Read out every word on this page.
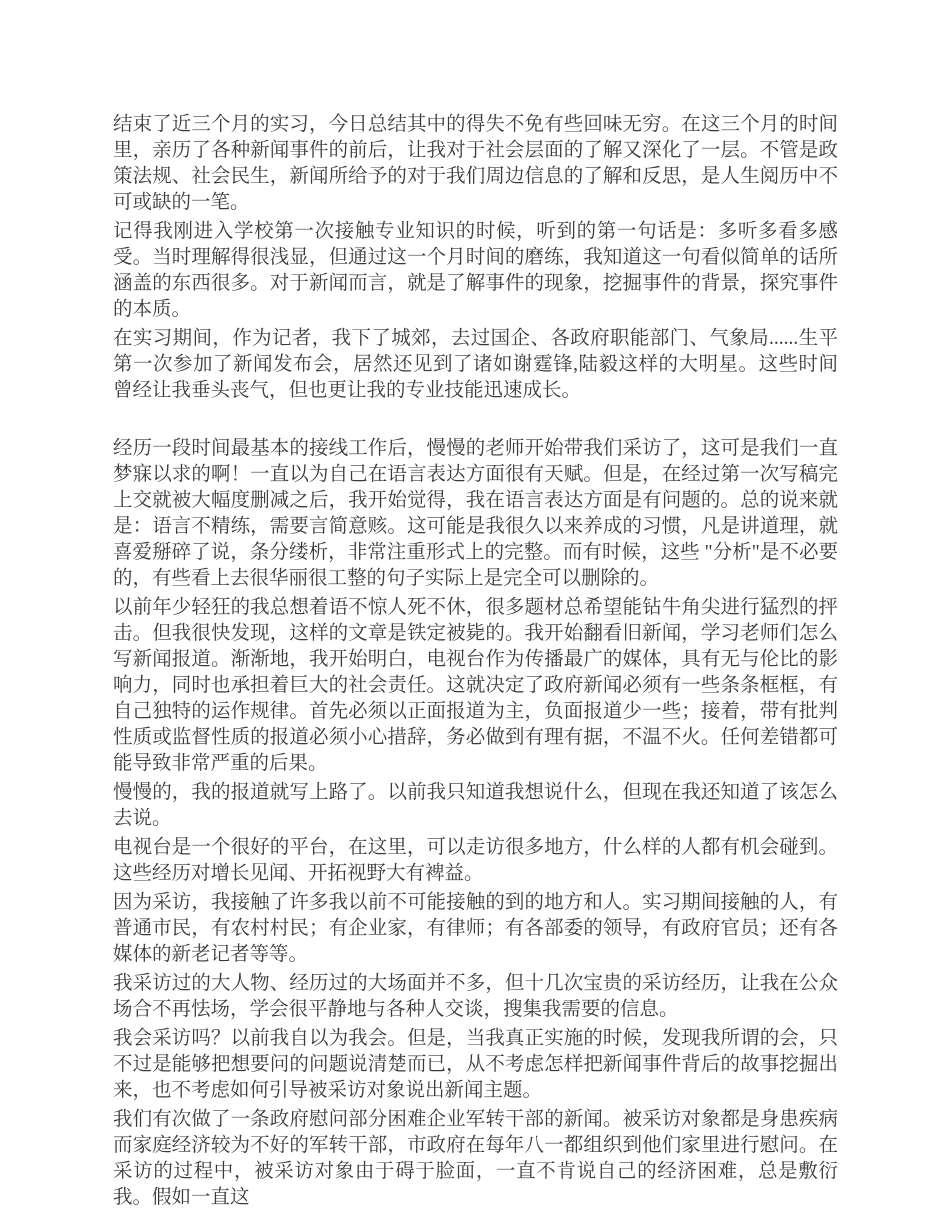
结束了近三个月的实习，今日总结其中的得失不免有些回味无穷。在这三个月的时间里，亲历了各种新闻事件的前后，让我对于社会层面的了解又深化了一层。不管是政策法规、社会民生，新闻所给予的对于我们周边信息的了解和反思，是人生阅历中不可或缺的一笔。

记得我刚进入学校第一次接触专业知识的时候，听到的第一句话是：多听多看多感受。当时理解得很浅显，但通过这一个月时间的磨练，我知道这一句看似简单的话所涵盖的东西很多。对于新闻而言，就是了解事件的现象，挖掘事件的背景，探究事件的本质。

在实习期间，作为记者，我下了城郊，去过国企、各政府职能部门、气象局......生平第一次参加了新闻发布会，居然还见到了诸如谢霆锋,陆毅这样的大明星。这些时间曾经让我垂头丧气，但也更让我的专业技能迅速成长。

经历一段时间最基本的接线工作后，慢慢的老师开始带我们采访了，这可是我们一直梦寐以求的啊！一直以为自己在语言表达方面很有天赋。但是，在经过第一次写稿完上交就被大幅度删减之后，我开始觉得，我在语言表达方面是有问题的。总的说来就是：语言不精练，需要言简意赅。这可能是我很久以来养成的习惯，凡是讲道理，就喜爱掰碎了说，条分缕析，非常注重形式上的完整。而有时候，这些 "分析"是不必要的，有些看上去很华丽很工整的句子实际上是完全可以删除的。

以前年少轻狂的我总想着语不惊人死不休，很多题材总希望能钻牛角尖进行猛烈的抨击。但我很快发现，这样的文章是铁定被毙的。我开始翻看旧新闻，学习老师们怎么写新闻报道。渐渐地，我开始明白，电视台作为传播最广的媒体，具有无与伦比的影响力，同时也承担着巨大的社会责任。这就决定了政府新闻必须有一些条条框框，有自己独特的运作规律。首先必须以正面报道为主，负面报道少一些；接着，带有批判性质或监督性质的报道必须小心措辞，务必做到有理有据，不温不火。任何差错都可能导致非常严重的后果。

慢慢的，我的报道就写上路了。以前我只知道我想说什么，但现在我还知道了该怎么去说。

电视台是一个很好的平台，在这里，可以走访很多地方，什么样的人都有机会碰到。这些经历对增长见闻、开拓视野大有裨益。

因为采访，我接触了许多我以前不可能接触的到的地方和人。实习期间接触的人，有普通市民，有农村村民；有企业家，有律师；有各部委的领导，有政府官员；还有各媒体的新老记者等等。

我采访过的大人物、经历过的大场面并不多，但十几次宝贵的采访经历，让我在公众场合不再怯场，学会很平静地与各种人交谈，搜集我需要的信息。

我会采访吗？以前我自以为我会。但是，当我真正实施的时候，发现我所谓的会，只不过是能够把想要问的问题说清楚而已，从不考虑怎样把新闻事件背后的故事挖掘出来，也不考虑如何引导被采访对象说出新闻主题。

我们有次做了一条政府慰问部分困难企业军转干部的新闻。被采访对象都是身患疾病而家庭经济较为不好的军转干部，市政府在每年八一都组织到他们家里进行慰问。在采访的过程中，被采访对象由于碍于脸面，一直不肯说自己的经济困难，总是敷衍我。假如一直这
